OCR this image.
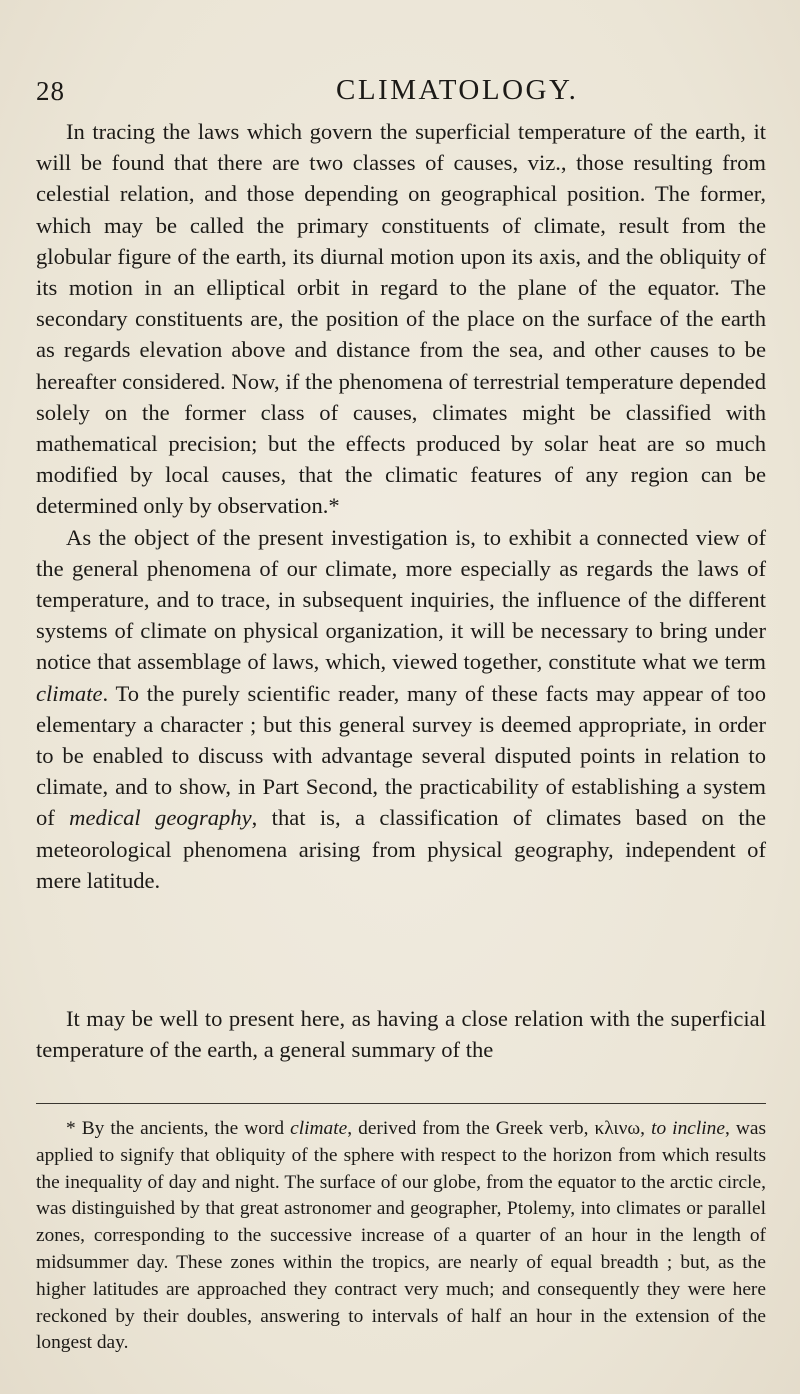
28	CLIMATOLOGY.

In tracing the laws which govern the superficial temperature of the earth, it will be found that there are two classes of causes, viz., those resulting from celestial relation, and those depending on geographical position. The former, which may be called the primary constituents of climate, result from the globular figure of the earth, its diurnal motion upon its axis, and the obliquity of its motion in an elliptical orbit in regard to the plane of the equator. The secondary constituents are, the position of the place on the surface of the earth as regards elevation above and distance from the sea, and other causes to be hereafter considered. Now, if the phenomena of terrestrial temperature depended solely on the former class of causes, climates might be classified with mathematical precision; but the effects produced by solar heat are so much modified by local causes, that the climatic features of any region can be determined only by observation.*

As the object of the present investigation is, to exhibit a connected view of the general phenomena of our climate, more especially as regards the laws of temperature, and to trace, in subsequent inquiries, the influence of the different systems of climate on physical organization, it will be necessary to bring under notice that assemblage of laws, which, viewed together, constitute what we term climate. To the purely scientific reader, many of these facts may appear of too elementary a character ; but this general survey is deemed appropriate, in order to be enabled to discuss with advantage several disputed points in relation to climate, and to show, in Part Second, the practicability of establishing a system of medical geography, that is, a classification of climates based on the meteorological phenomena arising from physical geography, independent of mere latitude.

It may be well to present here, as having a close relation with the superficial temperature of the earth, a general summary of the

* By the ancients, the word climate, derived from the Greek verb, κλινω, to incline, was applied to signify that obliquity of the sphere with respect to the horizon from which results the inequality of day and night. The surface of our globe, from the equator to the arctic circle, was distinguished by that great astronomer and geographer, Ptolemy, into climates or parallel zones, corresponding to the successive increase of a quarter of an hour in the length of midsummer day. These zones within the tropics, are nearly of equal breadth ; but, as the higher latitudes are approached they contract very much; and consequently they were here reckoned by their doubles, answering to intervals of half an hour in the extension of the longest day.
